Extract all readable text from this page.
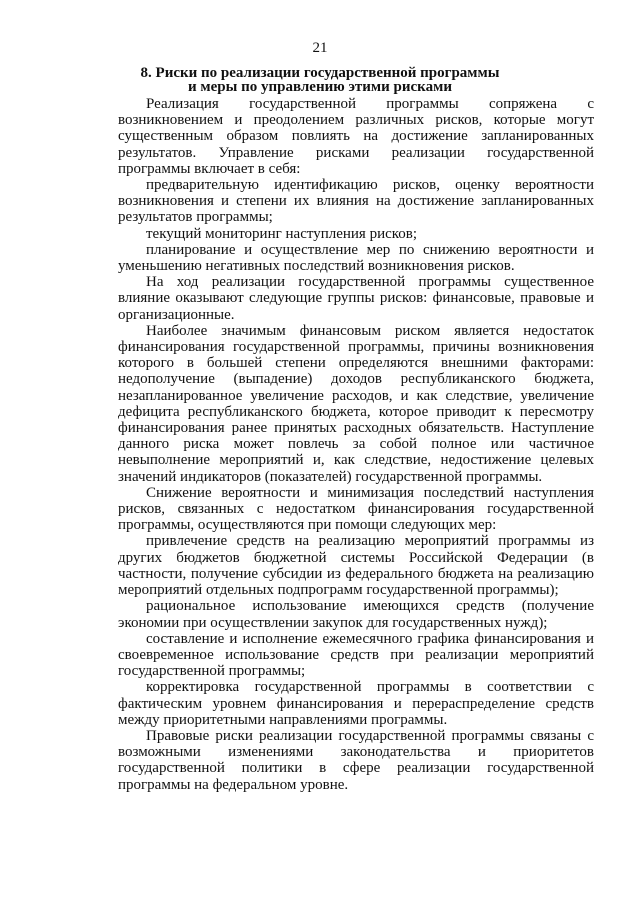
21
8. Риски по реализации государственной программы
и меры по управлению этими рисками

Реализация государственной программы сопряжена с возникновением и преодолением различных рисков, которые могут существенным образом повлиять на достижение запланированных результатов. Управление рисками реализации государственной программы включает в себя:

предварительную идентификацию рисков, оценку вероятности возникновения и степени их влияния на достижение запланированных результатов программы;

текущий мониторинг наступления рисков;

планирование и осуществление мер по снижению вероятности и уменьшению негативных последствий возникновения рисков.

На ход реализации государственной программы существенное влияние оказывают следующие группы рисков: финансовые, правовые и организационные.

Наиболее значимым финансовым риском является недостаток финансирования государственной программы, причины возникновения которого в большей степени определяются внешними факторами: недополучение (выпадение) доходов республиканского бюджета, незапланированное увеличение расходов, и как следствие, увеличение дефицита республиканского бюджета, которое приводит к пересмотру финансирования ранее принятых расходных обязательств. Наступление данного риска может повлечь за собой полное или частичное невыполнение мероприятий и, как следствие, недостижение целевых значений индикаторов (показателей) государственной программы.

Снижение вероятности и минимизация последствий наступления рисков, связанных с недостатком финансирования государственной программы, осуществляются при помощи следующих мер:

привлечение средств на реализацию мероприятий программы из других бюджетов бюджетной системы Российской Федерации (в частности, получение субсидии из федерального бюджета на реализацию мероприятий отдельных подпрограмм государственной программы);

рациональное использование имеющихся средств (получение экономии при осуществлении закупок для государственных нужд);

составление и исполнение ежемесячного графика финансирования и своевременное использование средств при реализации мероприятий государственной программы;

корректировка государственной программы в соответствии с фактическим уровнем финансирования и перераспределение средств между приоритетными направлениями программы.

Правовые риски реализации государственной программы связаны с возможными изменениями законодательства и приоритетов государственной политики в сфере реализации государственной программы на федеральном уровне.
